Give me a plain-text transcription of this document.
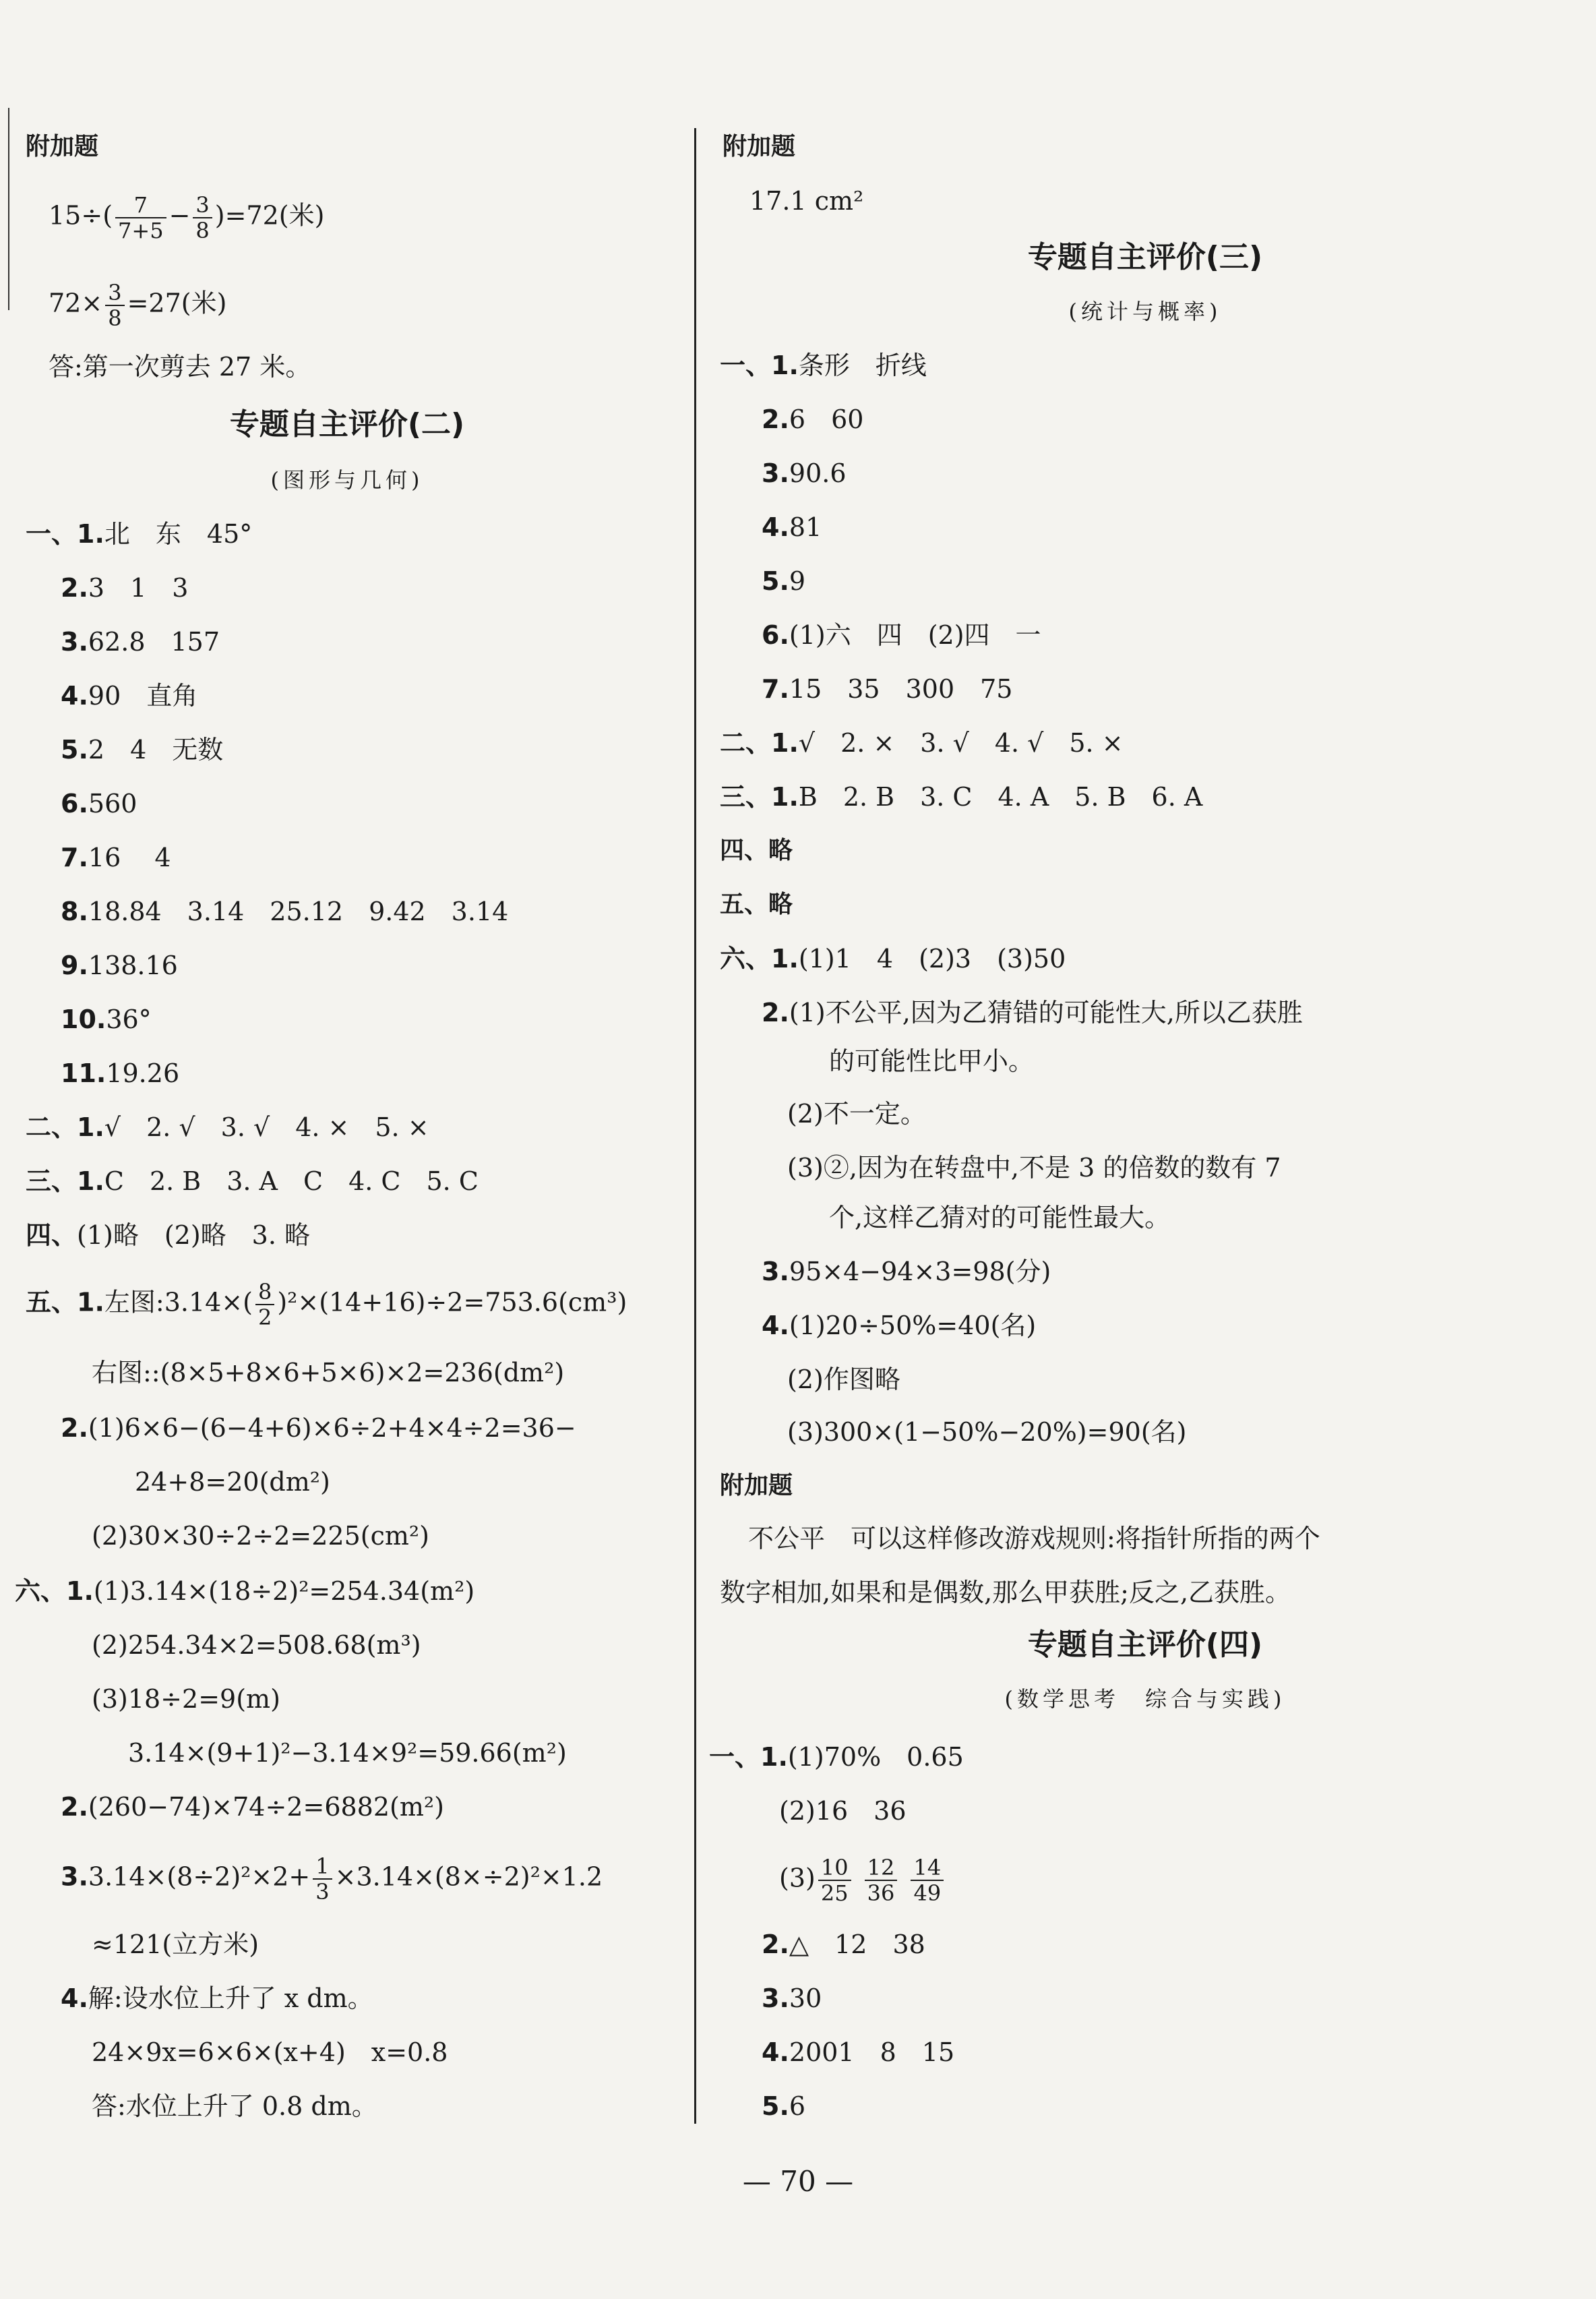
附加题
$15\div( \frac{7}{7+5} - \frac{3}{8} )=72$(米)
$72\times \frac{3}{8} =27$(米)
答:第一次剪去 27 米。
专题自主评价(二)
(图形与几何)
一、1.北　东　45°
2.3　1　3
3.62.8　157
4.90　直角
5.2　4　无数
6.560
7.16　 4
8.18.84　3.14　25.12　9.42　3.14
9.138.16
10.36°
11.19.26
二、1.√　2. √　3. √　4. ×　5. ×
三、1.C　2. B　3. A　C　4. C　5. C
四、(1)略　(2)略　3. 略
五、1.左图:3.14×( $\frac{8}{2} )^2\times(14+16)\div 2=753.6(cm^3)$
右图::(8×5+8×6+5×6)×2=236(dm²)
2.(1)6×6−(6−4+6)×6÷2+4×4÷2=36−
24+8=20(dm²)
(2)30×30÷2÷2=225(cm²)
六、1.(1)3.14×(18÷2)²=254.34(m²)
(2)254.34×2=508.68(m³)
(3)18÷2=9(m)
3.14×(9+1)²−3.14×9²=59.66(m²)
2.(260−74)×74÷2=6882(m²)
$3.3.14\times(8\div 2)^2\times 2+ \frac{1}{3} \times 3.14\times(8\times\div 2)^2\times 1.2$
≈121(立方米)
4.解:设水位上升了 x dm。
24×9x=6×6×(x+4)　x=0.8
答:水位上升了 0.8 dm。
附加题
17.1 cm²
专题自主评价(三)
(统计与概率)
一、1.条形　折线
2.6　60
3.90.6
4.81
5.9
6.(1)六　四　(2)四　一
7.15　35　300　75
二、1.√　2. ×　3. √　4. √　5. ×
三、1.B　2. B　3. C　4. A　5. B　6. A
四、略
五、略
六、1.(1)1　4　(2)3　(3)50
2.(1)不公平,因为乙猜错的可能性大,所以乙获胜
的可能性比甲小。
(2)不一定。
(3)②,因为在转盘中,不是 3 的倍数的数有 7
个,这样乙猜对的可能性最大。
3.95×4−94×3=98(分)
4.(1)20÷50%=40(名)
(2)作图略
(3)300×(1−50%−20%)=90(名)
附加题
不公平　可以这样修改游戏规则:将指针所指的两个
数字相加,如果和是偶数,那么甲获胜;反之,乙获胜。
专题自主评价(四)
(数学思考　综合与实践)
一、1.(1)70%　0.65
(2)16　36
$(3) \frac{10}{25}$
$\frac{12}{36}$
$\frac{14}{49}$
2.△　12　38
3.30
4.2001　8　15
5.6
— 70 —
